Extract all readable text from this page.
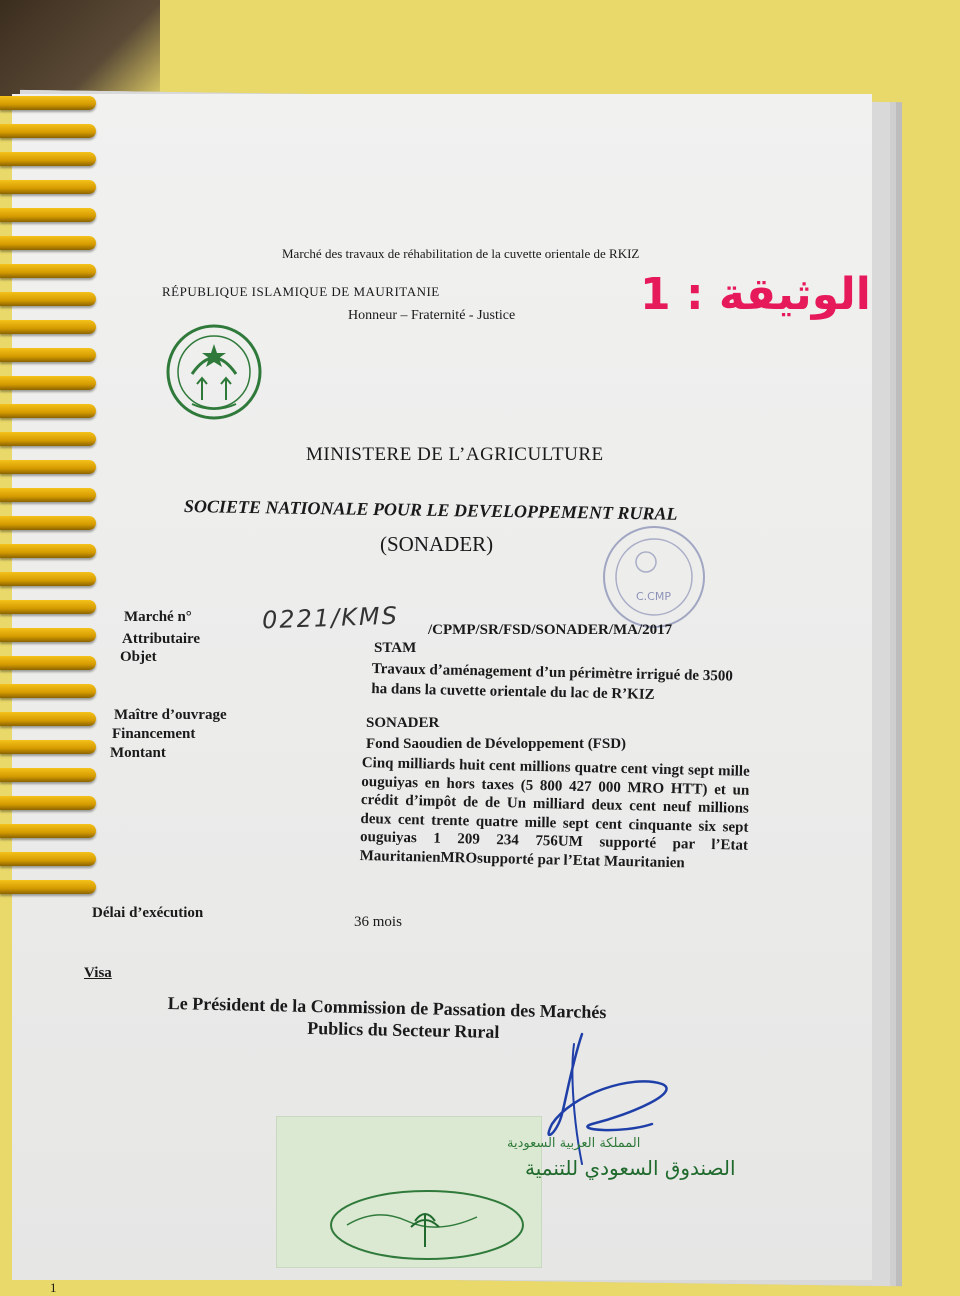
Marché des travaux de réhabilitation de la cuvette orientale de RKIZ
RÉPUBLIQUE ISLAMIQUE DE MAURITANIE
Honneur – Fraternité - Justice	الوثيقة : 1
MINISTERE DE L’AGRICULTURE
SOCIETE NATIONALE POUR LE DEVELOPPEMENT RURAL
(SONADER)
C.CMP
Marché n°
Attributaire
Objet
0221/KMS /CPMP/SR/FSD/SONADER/MA/2017
STAM
Travaux d’aménagement d’un périmètre irrigué de 3500 ha dans la cuvette orientale du lac de R’KIZ
Maître d’ouvrage
Financement
Montant
SONADER
Fond Saoudien de Développement (FSD)
Cinq milliards huit cent millions quatre cent vingt sept mille ouguiyas en hors taxes (5 800 427 000 MRO HTT) et un crédit d’impôt de de Un milliard deux cent neuf millions deux cent trente quatre mille sept cent cinquante six sept ouguiyas 1 209 234 756UM supporté par l’Etat MauritanienMROsupporté par l’Etat Mauritanien
Délai d’exécution
36 mois
Visa
Le Président de la Commission de Passation des Marchés
Publics du Secteur Rural
المملكة العربية السعودية
الصندوق السعودي للتنمية
1
